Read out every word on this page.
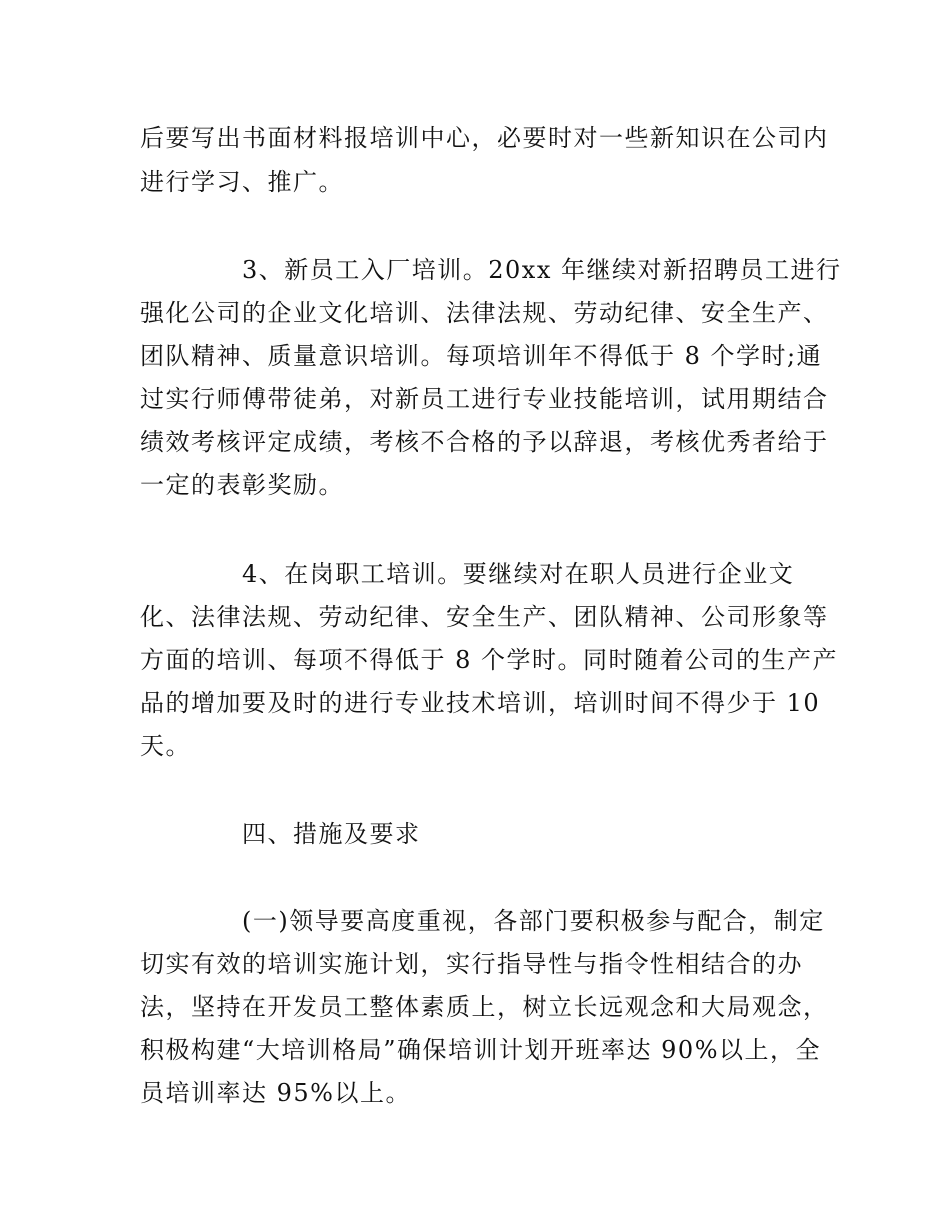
后要写出书面材料报培训中心，必要时对一些新知识在公司内
进行学习、推广。
3、新员工入厂培训。20xx 年继续对新招聘员工进行
强化公司的企业文化培训、法律法规、劳动纪律、安全生产、
团队精神、质量意识培训。每项培训年不得低于 8 个学时;通
过实行师傅带徒弟，对新员工进行专业技能培训，试用期结合
绩效考核评定成绩，考核不合格的予以辞退，考核优秀者给于
一定的表彰奖励。
4、在岗职工培训。要继续对在职人员进行企业文
化、法律法规、劳动纪律、安全生产、团队精神、公司形象等
方面的培训、每项不得低于 8 个学时。同时随着公司的生产产
品的增加要及时的进行专业技术培训，培训时间不得少于 10
天。
四、措施及要求
(一)领导要高度重视，各部门要积极参与配合，制定
切实有效的培训实施计划，实行指导性与指令性相结合的办
法，坚持在开发员工整体素质上，树立长远观念和大局观念，
积极构建“大培训格局”确保培训计划开班率达 90%以上，全
员培训率达 95%以上。
